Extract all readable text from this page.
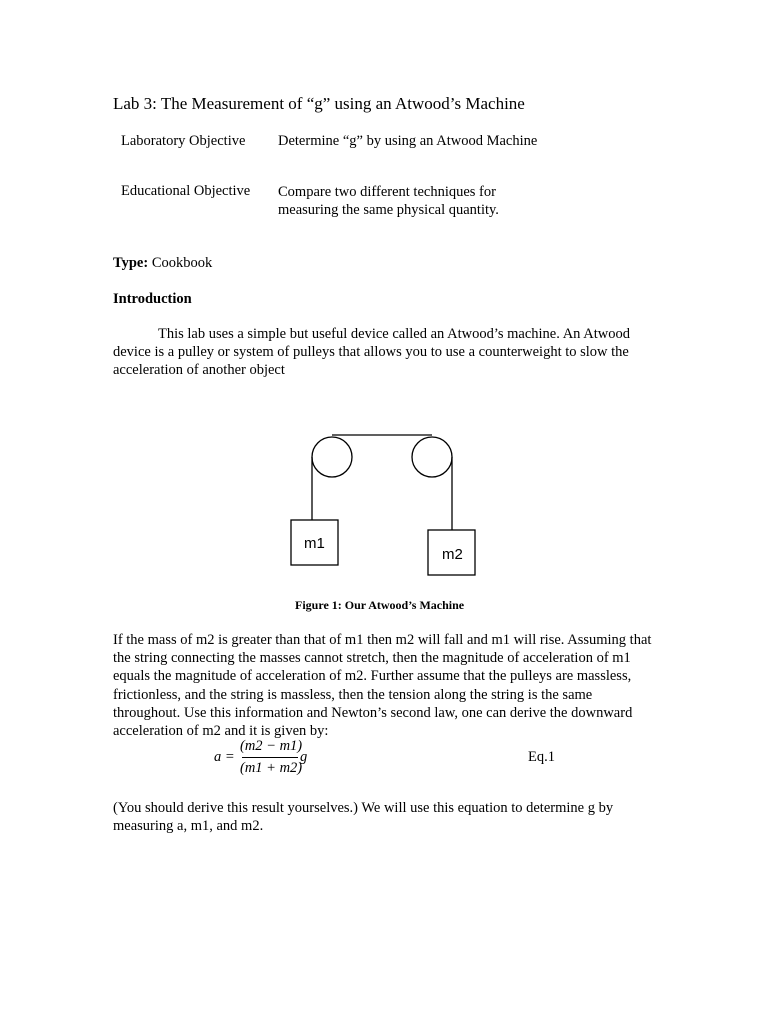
Lab 3: The Measurement of “g” using an Atwood’s Machine
Laboratory Objective Determine “g” by using an Atwood Machine
Educational Objective Compare two different techniques for measuring the same physical quantity.
Type: Cookbook
Introduction
This lab uses a simple but useful device called an Atwood’s machine. An Atwood device is a pulley or system of pulleys that allows you to use a counterweight to slow the acceleration of another object
m1
m2
Figure 1: Our Atwood’s Machine
If the mass of m2 is greater than that of m1 then m2 will fall and m1 will rise. Assuming that the string connecting the masses cannot stretch, then the magnitude of acceleration of m1 equals the magnitude of acceleration of m2. Further assume that the pulleys are massless, frictionless, and the string is massless, then the tension along the string is the same throughout. Use this information and Newton’s second law, one can derive the downward acceleration of m2 and it is given by:
a =
(m2 − m1)
(m1 + m2)
g	Eq.1
(You should derive this result yourselves.) We will use this equation to determine g by measuring a, m1, and m2.
